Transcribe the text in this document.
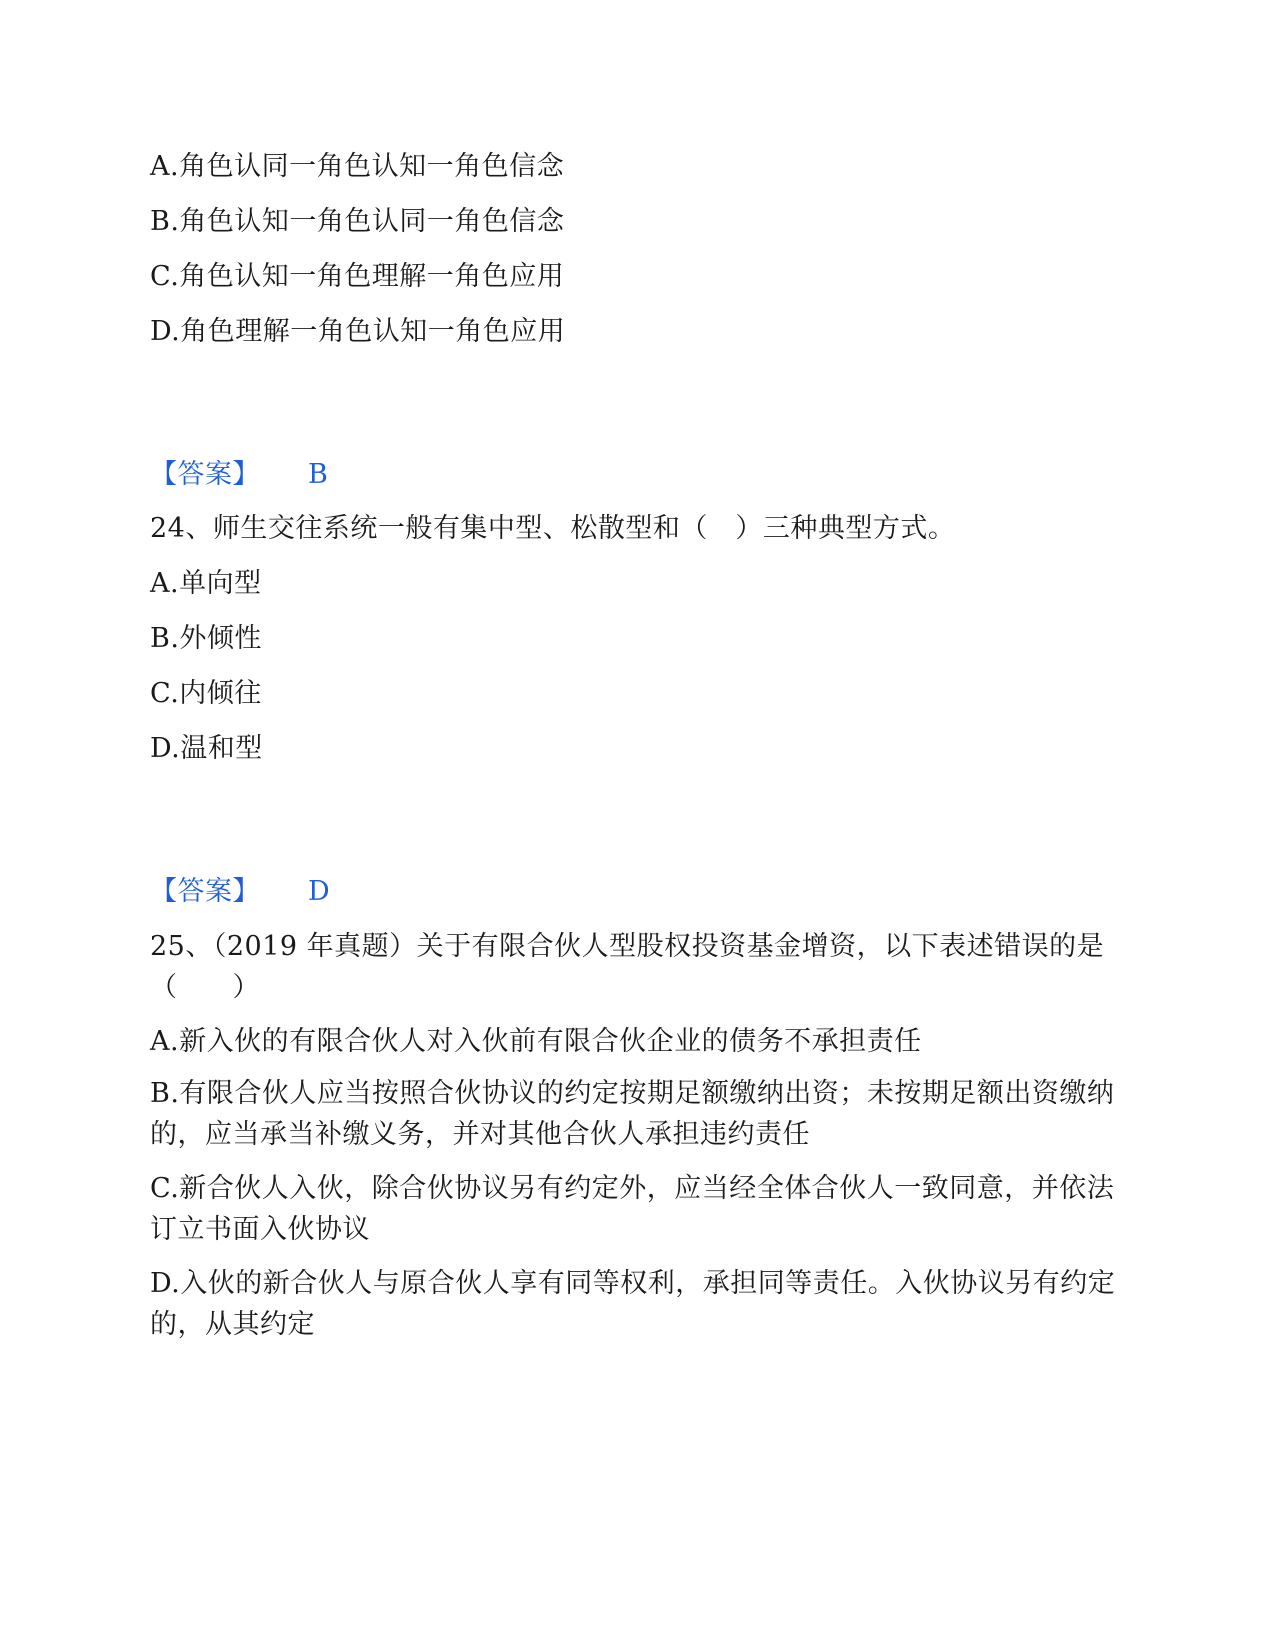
A.角色认同一角色认知一角色信念
B.角色认知一角色认同一角色信念
C.角色认知一角色理解一角色应用
D.角色理解一角色认知一角色应用
【答案】 B
24、师生交往系统一般有集中型、松散型和（　）三种典型方式。
A.单向型
B.外倾性
C.内倾往
D.温和型
【答案】 D
25、（2019 年真题）关于有限合伙人型股权投资基金增资，以下表述错误的是（　　）
A.新入伙的有限合伙人对入伙前有限合伙企业的债务不承担责任
B.有限合伙人应当按照合伙协议的约定按期足额缴纳出资；未按期足额出资缴纳的，应当承当补缴义务，并对其他合伙人承担违约责任
C.新合伙人入伙，除合伙协议另有约定外，应当经全体合伙人一致同意，并依法订立书面入伙协议
D.入伙的新合伙人与原合伙人享有同等权利，承担同等责任。入伙协议另有约定的，从其约定
